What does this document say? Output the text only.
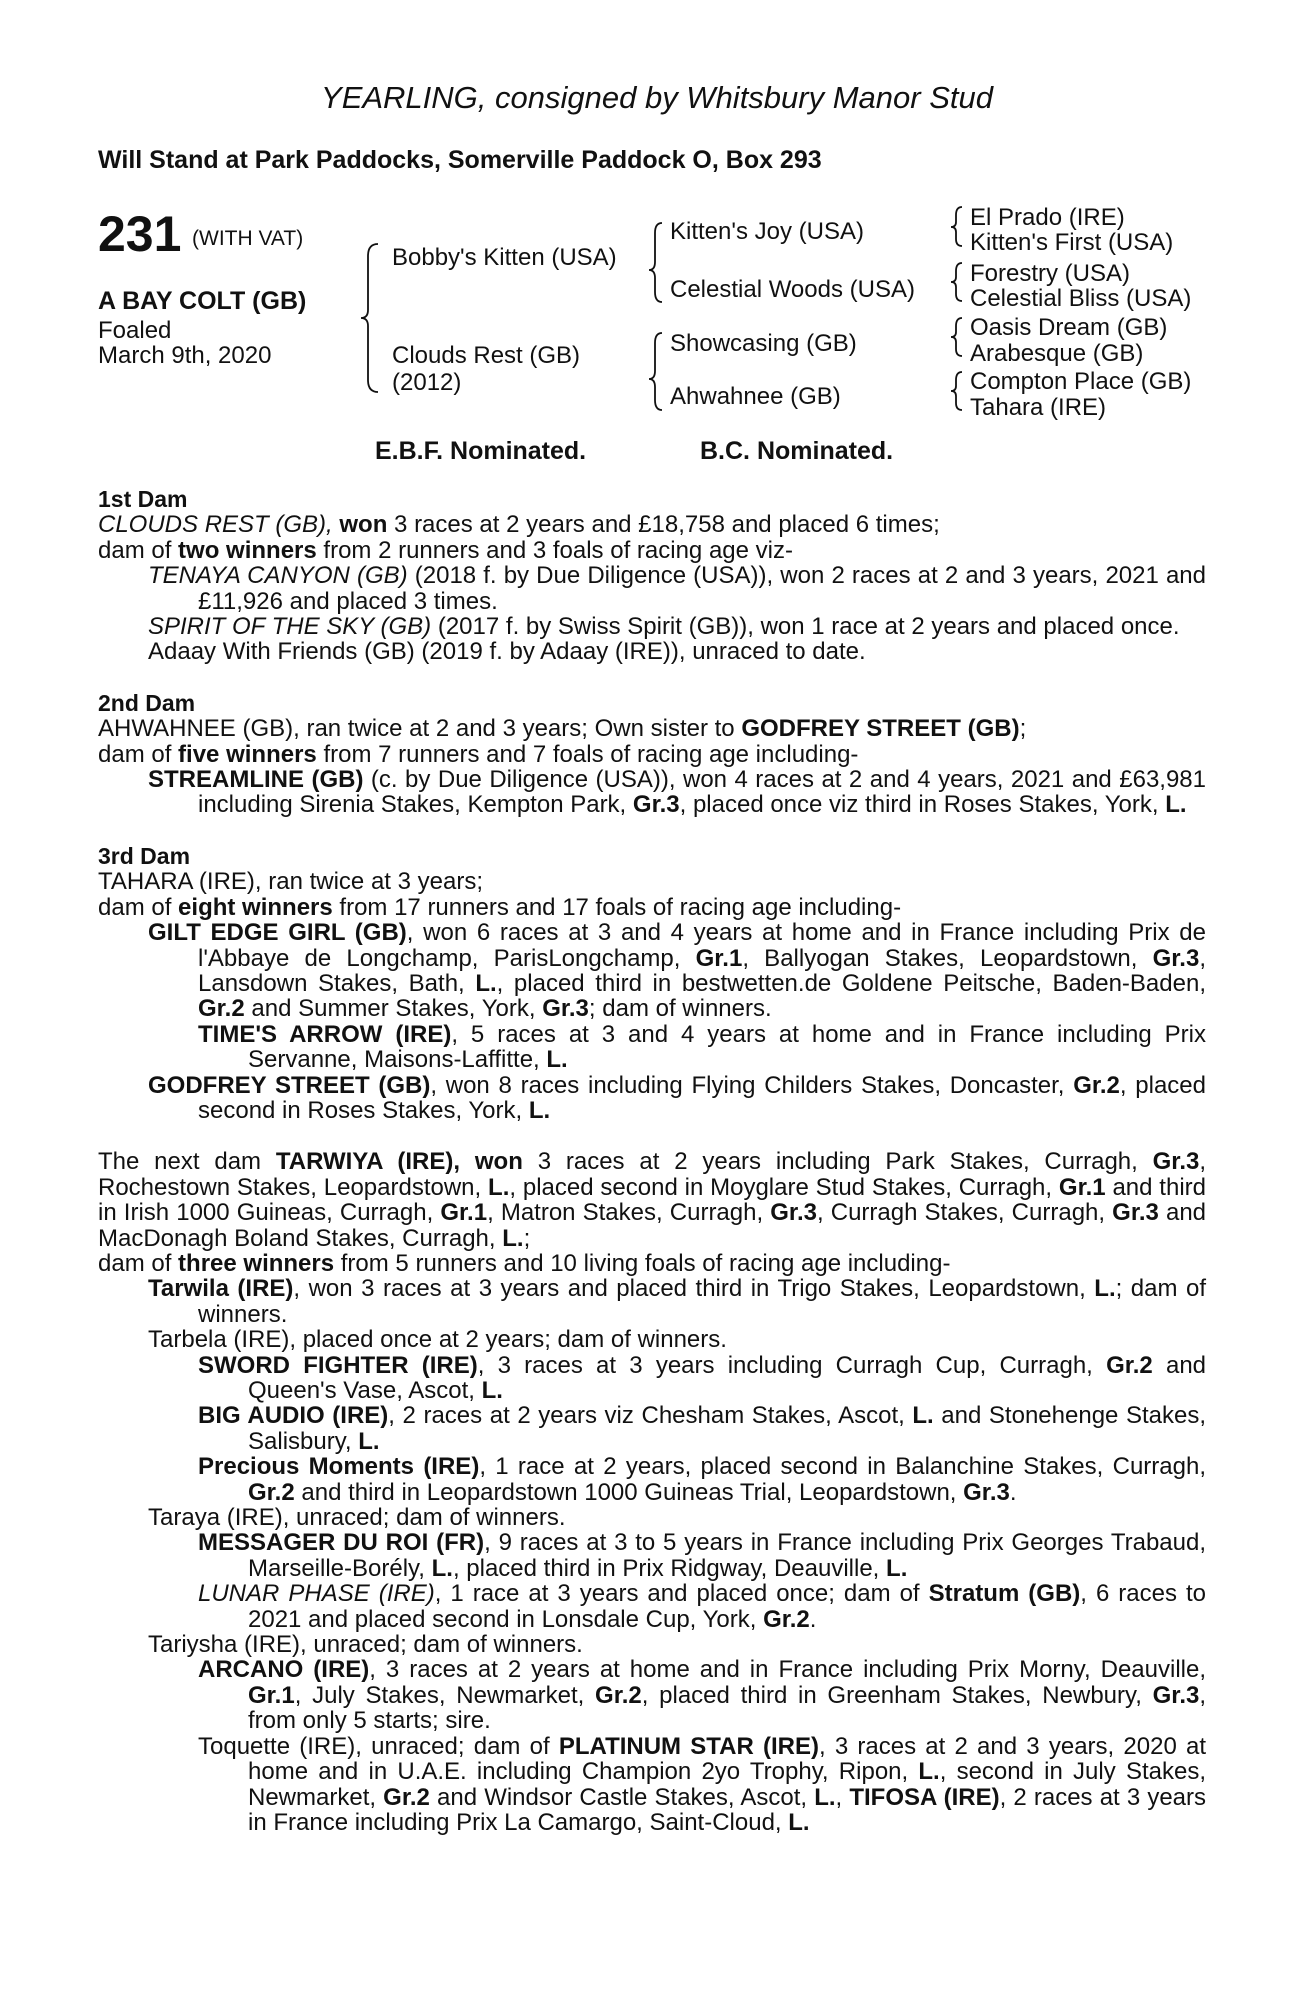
YEARLING, consigned by Whitsbury Manor Stud
Will Stand at Park Paddocks, Somerville Paddock O, Box 293
231 (WITH VAT)
A BAY COLT (GB)
Foaled
March 9th, 2020
Bobby's Kitten (USA)
Clouds Rest (GB)
(2012)
Kitten's Joy (USA)
Celestial Woods (USA)
Showcasing (GB)
Ahwahnee (GB)
El Prado (IRE)
Kitten's First (USA)
Forestry (USA)
Celestial Bliss (USA)
Oasis Dream (GB)
Arabesque (GB)
Compton Place (GB)
Tahara (IRE)
E.B.F. Nominated.	B.C. Nominated.

1st Dam

CLOUDS REST (GB), won 3 races at 2 years and £18,758 and placed 6 times;

dam of two winners from 2 runners and 3 foals of racing age viz-

TENAYA CANYON (GB) (2018 f. by Due Diligence (USA)), won 2 races at 2 and 3 years, 2021 and £11,926 and placed 3 times.

SPIRIT OF THE SKY (GB) (2017 f. by Swiss Spirit (GB)), won 1 race at 2 years and placed once.

Adaay With Friends (GB) (2019 f. by Adaay (IRE)), unraced to date.

2nd Dam

AHWAHNEE (GB), ran twice at 2 and 3 years; Own sister to GODFREY STREET (GB);

dam of five winners from 7 runners and 7 foals of racing age including-

STREAMLINE (GB) (c. by Due Diligence (USA)), won 4 races at 2 and 4 years, 2021 and £63,981 including Sirenia Stakes, Kempton Park, Gr.3, placed once viz third in Roses Stakes, York, L.

3rd Dam

TAHARA (IRE), ran twice at 3 years;

dam of eight winners from 17 runners and 17 foals of racing age including-

GILT EDGE GIRL (GB), won 6 races at 3 and 4 years at home and in France including Prix de l'Abbaye de Longchamp, ParisLongchamp, Gr.1, Ballyogan Stakes, Leopardstown, Gr.3, Lansdown Stakes, Bath, L., placed third in bestwetten.de Goldene Peitsche, Baden-Baden, Gr.2 and Summer Stakes, York, Gr.3; dam of winners.

TIME'S ARROW (IRE), 5 races at 3 and 4 years at home and in France including Prix Servanne, Maisons-Laffitte, L.

GODFREY STREET (GB), won 8 races including Flying Childers Stakes, Doncaster, Gr.2, placed second in Roses Stakes, York, L.

The next dam TARWIYA (IRE), won 3 races at 2 years including Park Stakes, Curragh, Gr.3, Rochestown Stakes, Leopardstown, L., placed second in Moyglare Stud Stakes, Curragh, Gr.1 and third in Irish 1000 Guineas, Curragh, Gr.1, Matron Stakes, Curragh, Gr.3, Curragh Stakes, Curragh, Gr.3 and MacDonagh Boland Stakes, Curragh, L.;

dam of three winners from 5 runners and 10 living foals of racing age including-

Tarwila (IRE), won 3 races at 3 years and placed third in Trigo Stakes, Leopardstown, L.; dam of winners.

Tarbela (IRE), placed once at 2 years; dam of winners.

SWORD FIGHTER (IRE), 3 races at 3 years including Curragh Cup, Curragh, Gr.2 and Queen's Vase, Ascot, L.

BIG AUDIO (IRE), 2 races at 2 years viz Chesham Stakes, Ascot, L. and Stonehenge Stakes, Salisbury, L.

Precious Moments (IRE), 1 race at 2 years, placed second in Balanchine Stakes, Curragh, Gr.2 and third in Leopardstown 1000 Guineas Trial, Leopardstown, Gr.3.

Taraya (IRE), unraced; dam of winners.

MESSAGER DU ROI (FR), 9 races at 3 to 5 years in France including Prix Georges Trabaud, Marseille-Borély, L., placed third in Prix Ridgway, Deauville, L.

LUNAR PHASE (IRE), 1 race at 3 years and placed once; dam of Stratum (GB), 6 races to 2021 and placed second in Lonsdale Cup, York, Gr.2.

Tariysha (IRE), unraced; dam of winners.

ARCANO (IRE), 3 races at 2 years at home and in France including Prix Morny, Deauville, Gr.1, July Stakes, Newmarket, Gr.2, placed third in Greenham Stakes, Newbury, Gr.3, from only 5 starts; sire.

Toquette (IRE), unraced; dam of PLATINUM STAR (IRE), 3 races at 2 and 3 years, 2020 at home and in U.A.E. including Champion 2yo Trophy, Ripon, L., second in July Stakes, Newmarket, Gr.2 and Windsor Castle Stakes, Ascot, L., TIFOSA (IRE), 2 races at 3 years in France including Prix La Camargo, Saint-Cloud, L.
